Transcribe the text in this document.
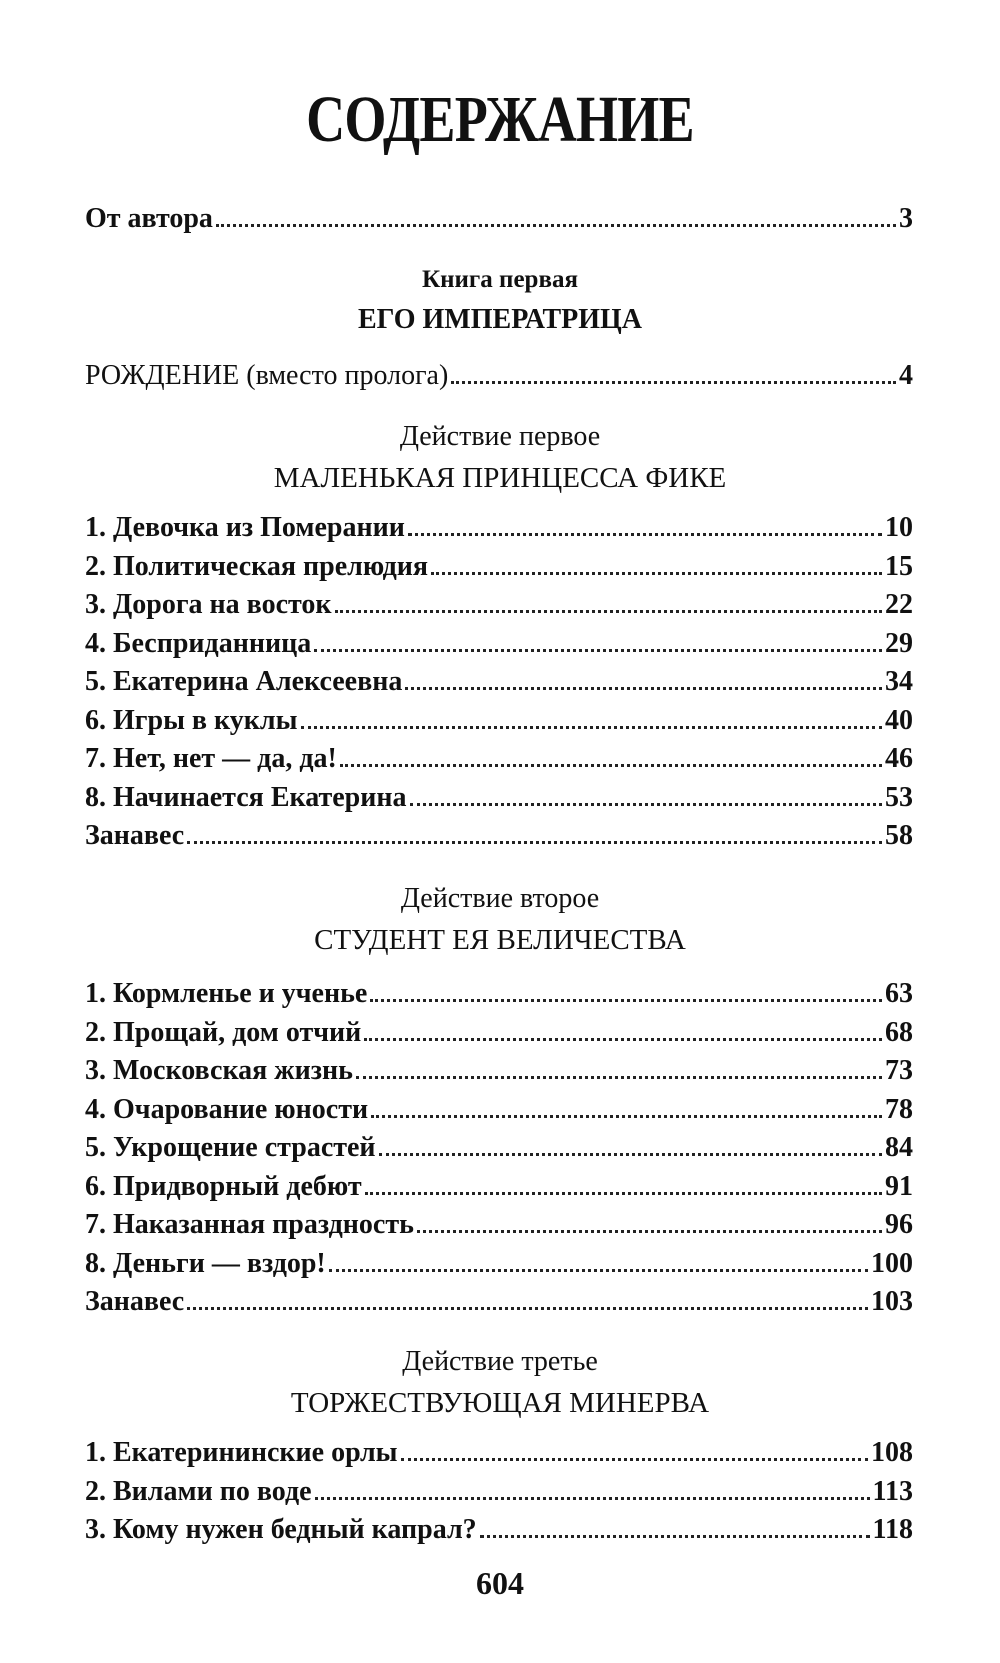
СОДЕРЖАНИЕ
От автора	3
Книга первая
ЕГО ИМПЕРАТРИЦА
РОЖДЕНИЕ (вместо пролога)	4
Действие первое
МАЛЕНЬКАЯ ПРИНЦЕССА ФИКЕ
1. Девочка из Померании	10
2. Политическая прелюдия	15
3. Дорога на восток	22
4. Бесприданница	29
5. Екатерина Алексеевна	34
6. Игры в куклы	40
7. Нет, нет — да, да!	46
8. Начинается Екатерина	53
Занавес	58
Действие второе
СТУДЕНТ ЕЯ ВЕЛИЧЕСТВА
1. Кормленье и ученье	63
2. Прощай, дом отчий	68
3. Московская жизнь	73
4. Очарование юности	78
5. Укрощение страстей	84
6. Придворный дебют	91
7. Наказанная праздность	96
8. Деньги — вздор!	100
Занавес	103
Действие третье
ТОРЖЕСТВУЮЩАЯ МИНЕРВА
1. Екатерининские орлы	108
2. Вилами по воде	113
3. Кому нужен бедный капрал?	118
604
